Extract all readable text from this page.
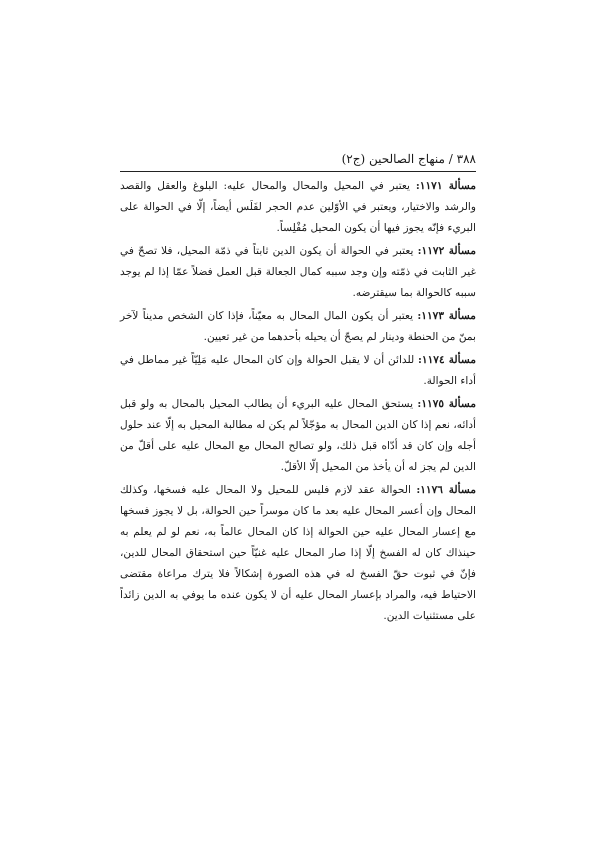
٣٨٨ / منهاج الصالحين (ج٢)

مسألة ١١٧١: يعتبر في المحيل والمحال والمحال عليه: البلوغ والعقل والقصد والرشد والاختيار، ويعتبر في الأوّلين عدم الحجر لفَلَس أيضاً، إلّا في الحوالة على البريء فإنّه يجوز فيها أن يكون المحيل مُفْلِساً.

مسألة ١١٧٢: يعتبر في الحوالة أن يكون الدين ثابتاً في ذمّة المحيل، فلا تصحّ في غير الثابت في ذمّته وإن وجد سببه كمال الجعالة قبل العمل فضلاً عمّا إذا لم يوجد سببه كالحوالة بما سيقترضه.

مسألة ١١٧٣: يعتبر أن يكون المال المحال به معيّناً، فإذا كان الشخص مديناً لآخر بمنّ من الحنطة ودينار لم يصحّ أن يحيله بأحدهما من غير تعيين.

مسألة ١١٧٤: للدائن أن لا يقبل الحوالة وإن كان المحال عليه مَلِيّاً غير مماطل في أداء الحوالة.

مسألة ١١٧٥: يستحق المحال عليه البريء أن يطالب المحيل بالمحال به ولو قبل أدائه، نعم إذا كان الدين المحال به مؤجّلاً لم يكن له مطالبة المحيل به إلّا عند حلول أجله وإن كان قد أدّاه قبل ذلك، ولو تصالح المحال مع المحال عليه على أقلّ من الدين لم يجز له أن يأخذ من المحيل إلّا الأقلّ.

مسألة ١١٧٦: الحوالة عقد لازم فليس للمحيل ولا المحال عليه فسخها، وكذلك المحال وإن أعسر المحال عليه بعد ما كان موسراً حين الحوالة، بل لا يجوز فسخها مع إعسار المحال عليه حين الحوالة إذا كان المحال عالماً به، نعم لو لم يعلم به حينذاك كان له الفسخ إلّا إذا صار المحال عليه غنيّاً حين استحقاق المحال للدين، فإنّ في ثبوت حقّ الفسخ له في هذه الصورة إشكالاً فلا يترك مراعاة مقتضى الاحتياط فيه، والمراد بإعسار المحال عليه أن لا يكون عنده ما يوفي به الدين زائداً على مستثنيات الدين.
